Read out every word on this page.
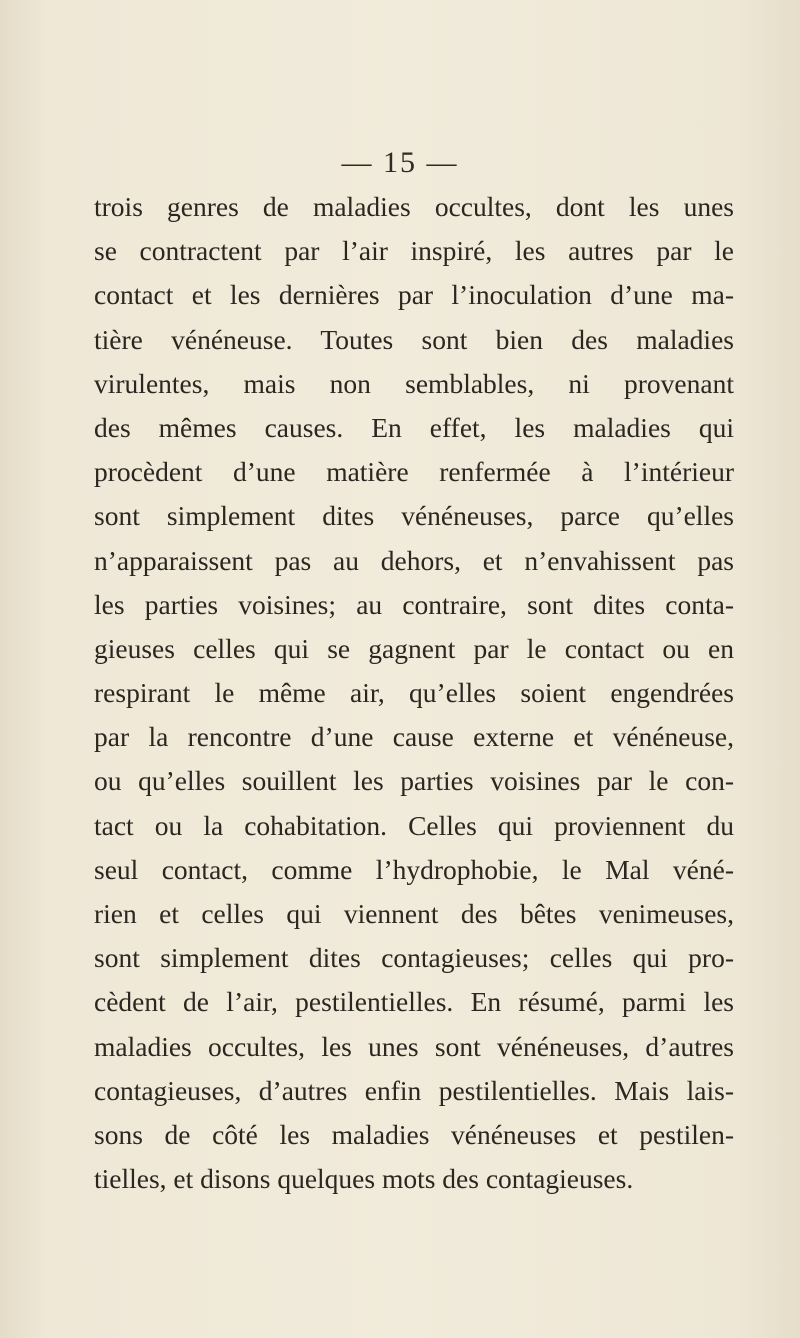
— 15 —
trois genres de maladies occultes, dont les unes
se contractent par l’air inspiré, les autres par le
contact et les dernières par l’inoculation d’une ma-
tière vénéneuse. Toutes sont bien des maladies
virulentes, mais non semblables, ni provenant
des mêmes causes. En effet, les maladies qui
procèdent d’une matière renfermée à l’intérieur
sont simplement dites vénéneuses, parce qu’elles
n’apparaissent pas au dehors, et n’envahissent pas
les parties voisines; au contraire, sont dites conta-
gieuses celles qui se gagnent par le contact ou en
respirant le même air, qu’elles soient engendrées
par la rencontre d’une cause externe et vénéneuse,
ou qu’elles souillent les parties voisines par le con-
tact ou la cohabitation. Celles qui proviennent du
seul contact, comme l’hydrophobie, le Mal véné-
rien et celles qui viennent des bêtes venimeuses,
sont simplement dites contagieuses; celles qui pro-
cèdent de l’air, pestilentielles. En résumé, parmi les
maladies occultes, les unes sont vénéneuses, d’autres
contagieuses, d’autres enfin pestilentielles. Mais lais-
sons de côté les maladies vénéneuses et pestilen-
tielles, et disons quelques mots des contagieuses.
